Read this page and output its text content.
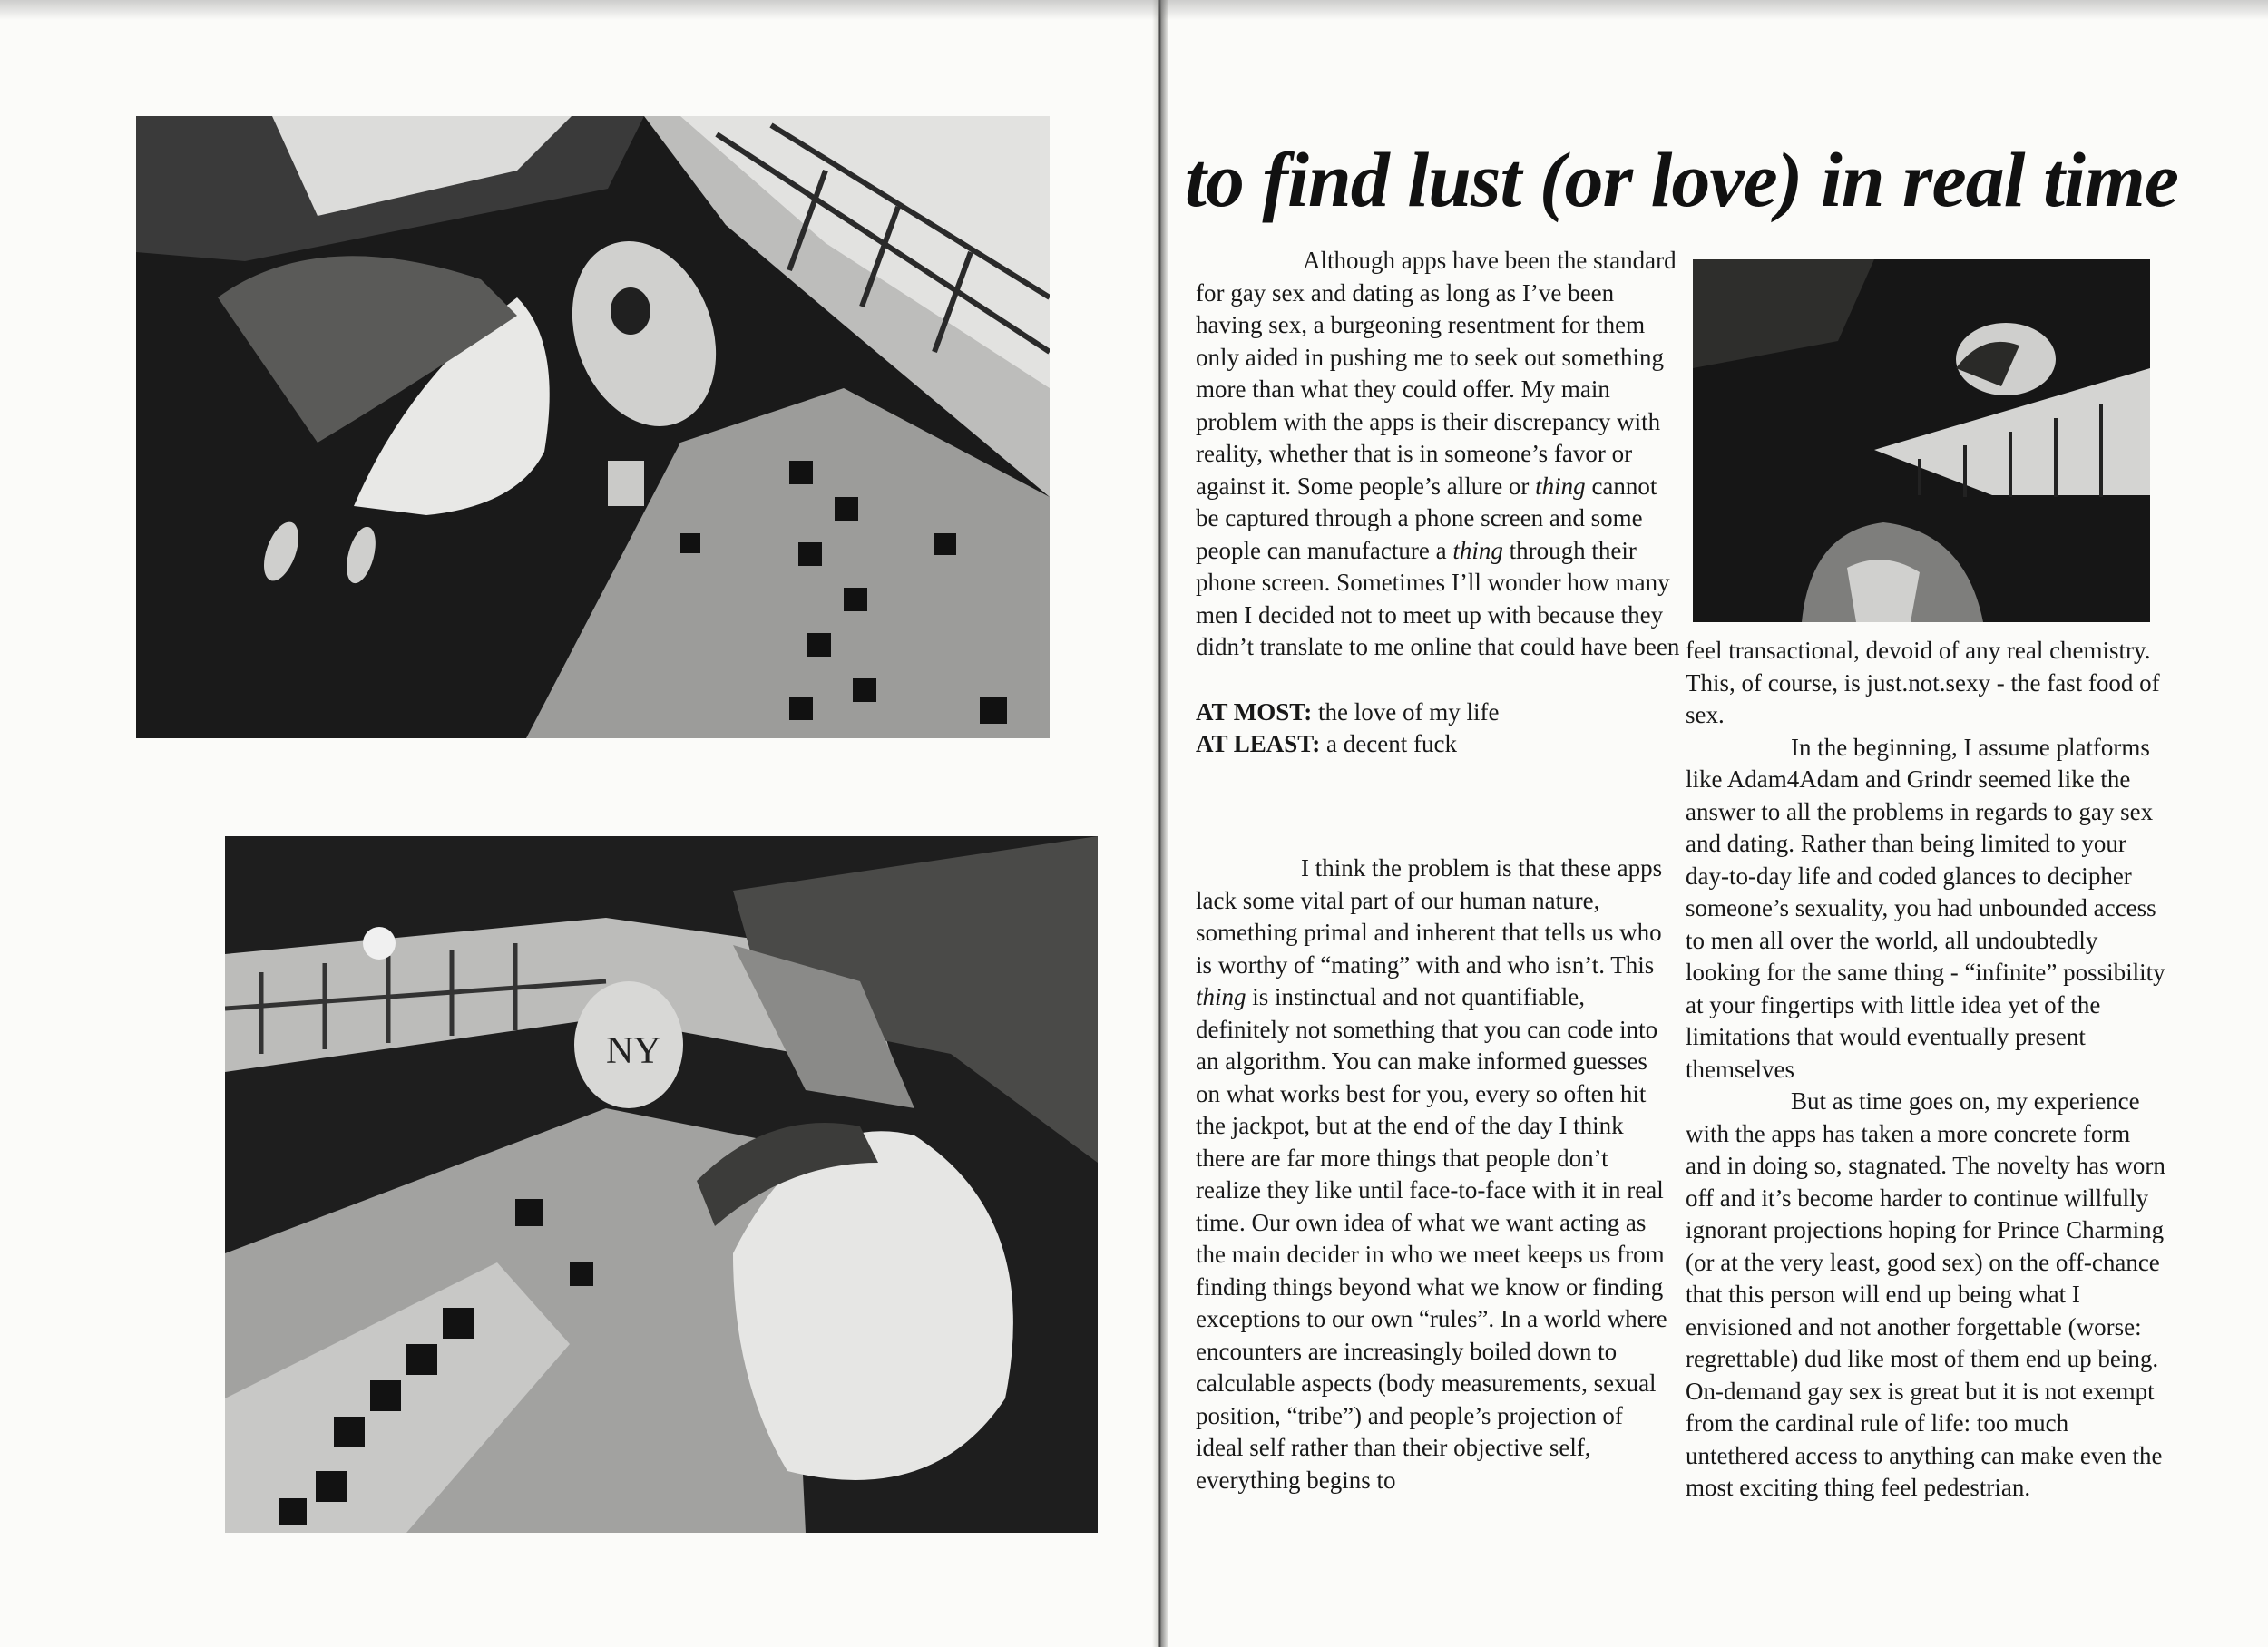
NY
to find lust (or love) in real time

Although apps have been the standard for gay sex and dating as long as I’ve been having sex, a burgeoning resentment for them only aided in pushing me to seek out something more than what they could offer. My main problem with the apps is their discrepancy with reality, whether that is in someone’s favor or against it. Some people’s allure or thing cannot be captured through a phone screen and some people can manufacture a thing through their phone screen. Sometimes I’ll wonder how many men I decided not to meet up with because they didn’t translate to me online that could have been

AT MOST: the love of my life

AT LEAST: a decent fuck

I think the problem is that these apps lack some vital part of our human nature, something primal and inherent that tells us who is worthy of “mating” with and who isn’t. This thing is instinctual and not quantifiable, definitely not something that you can code into an algorithm. You can make informed guesses on what works best for you, every so often hit the jackpot, but at the end of the day I think there are far more things that people don’t realize they like until face-to-face with it in real time. Our own idea of what we want acting as the main decider in who we meet keeps us from finding things beyond what we know or finding exceptions to our own “rules”. In a world where encounters are increasingly boiled down to calculable aspects (body measurements, sexual position, “tribe”) and people’s projection of ideal self rather than their objective self, everything begins to

feel transactional, devoid of any real chemistry. This, of course, is just.not.sexy - the fast food of sex.

In the beginning, I assume platforms like Adam4Adam and Grindr seemed like the answer to all the problems in regards to gay sex and dating. Rather than being limited to your day-to-day life and coded glances to decipher someone’s sexuality, you had unbounded access to men all over the world, all undoubtedly looking for the same thing - “infinite” possibility at your fingertips with little idea yet of the limitations that would eventually present themselves

But as time goes on, my experience with the apps has taken a more concrete form and in doing so, stagnated. The novelty has worn off and it’s become harder to continue willfully ignorant projections hoping for Prince Charming (or at the very least, good sex) on the off-chance that this person will end up being what I envisioned and not another forgettable (worse: regrettable) dud like most of them end up being. On-demand gay sex is great but it is not exempt from the cardinal rule of life: too much untethered access to anything can make even the most exciting thing feel pedestrian.
